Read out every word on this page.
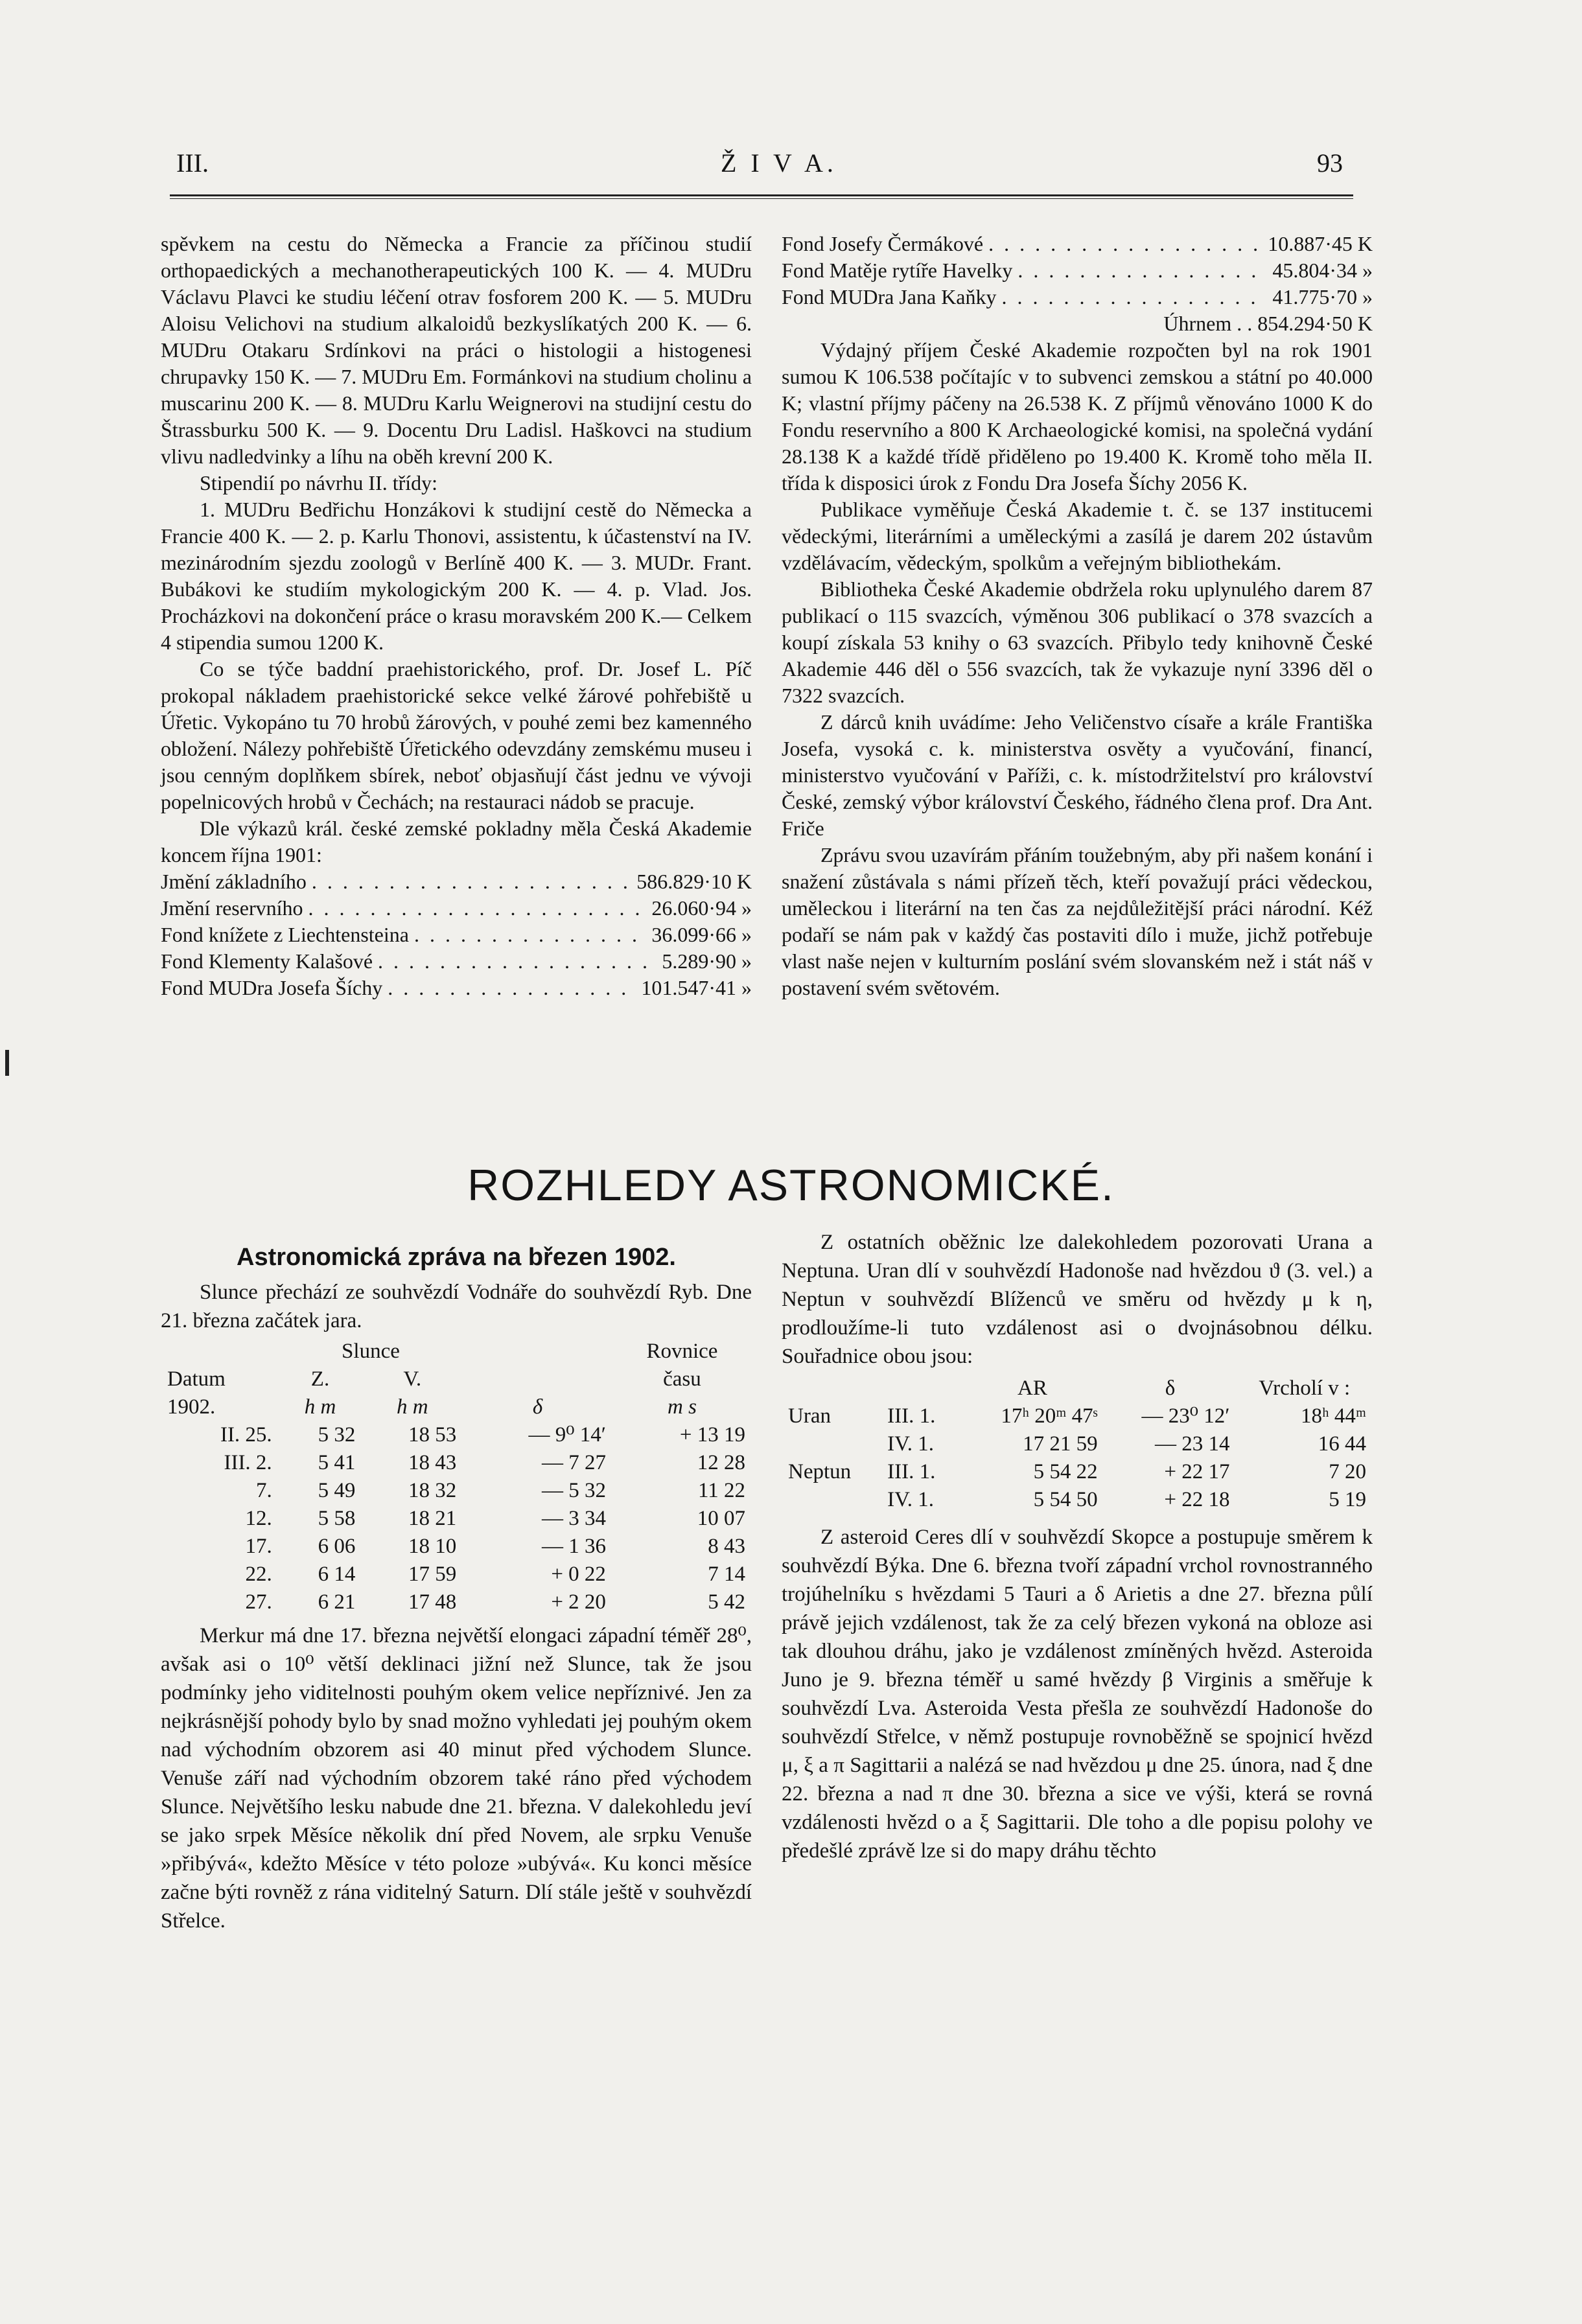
III.	Ž I V A.	93

spěvkem na cestu do Německa a Francie za příčinou studií orthopaedických a mechanotherapeutických 100 K. — 4. MUDru Václavu Plavci ke studiu léčení otrav fosforem 200 K. — 5. MUDru Aloisu Velichovi na studium alkaloidů bezkyslíkatých 200 K. — 6. MUDru Otakaru Srdínkovi na práci o histologii a histogenesi chrupavky 150 K. — 7. MUDru Em. Formánkovi na studium cholinu a muscarinu 200 K. — 8. MUDru Karlu Weignerovi na studijní cestu do Štrassburku 500 K. — 9. Docentu Dru Ladisl. Haškovci na studium vlivu nadledvinky a líhu na oběh krevní 200 K.

Stipendií po návrhu II. třídy:

1. MUDru Bedřichu Honzákovi k studijní cestě do Německa a Francie 400 K. — 2. p. Karlu Thonovi, assistentu, k účastenství na IV. mezinárodním sjezdu zoologů v Berlíně 400 K. — 3. MUDr. Frant. Bubákovi ke studiím mykologickým 200 K. — 4. p. Vlad. Jos. Procházkovi na dokončení práce o krasu moravském 200 K.— Celkem 4 stipendia sumou 1200 K.

Co se týče baddní praehistorického, prof. Dr. Josef L. Píč prokopal nákladem praehistorické sekce velké žárové pohřebiště u Úřetic. Vykopáno tu 70 hrobů žárových, v pouhé zemi bez kamenného obložení. Nálezy pohřebiště Úřetického odevzdány zemskému museu i jsou cenným doplňkem sbírek, neboť objasňují část jednu ve vývoji popelnicových hrobů v Čechách; na restauraci nádob se pracuje.

Dle výkazů král. české zemské pokladny měla Česká Akademie koncem října 1901:

Jmění základního . . .	586.829·10 K
Jmění reservního . . .	26.060·94 »
Fond knížete z Liechtensteina . . .	36.099·66 »
Fond Klementy Kalašové . . .	5.289·90 »
Fond MUDra Josefa Šíchy . . .	101.547·41 »
Fond Josefy Čermákové . . .	10.887·45 K
Fond Matěje rytíře Havelky . . .	45.804·34 »
Fond MUDra Jana Kaňky . . .	41.775·70 »
Úhrnem . . 854.294·50 K

Výdajný příjem České Akademie rozpočten byl na rok 1901 sumou K 106.538 počítajíc v to subvenci zemskou a státní po 40.000 K; vlastní příjmy páčeny na 26.538 K. Z příjmů věnováno 1000 K do Fondu reservního a 800 K Archaeologické komisi, na společná vydání 28.138 K a každé třídě přiděleno po 19.400 K. Kromě toho měla II. třída k disposici úrok z Fondu Dra Josefa Šíchy 2056 K.

Publikace vyměňuje Česká Akademie t. č. se 137 institucemi vědeckými, literárními a uměleckými a zasílá je darem 202 ústavům vzdělávacím, vědeckým, spolkům a veřejným bibliothekám.

Bibliotheka České Akademie obdržela roku uplynulého darem 87 publikací o 115 svazcích, výměnou 306 publikací o 378 svazcích a koupí získala 53 knihy o 63 svazcích. Přibylo tedy knihovně České Akademie 446 děl o 556 svazcích, tak že vykazuje nyní 3396 děl o 7322 svazcích.

Z dárců knih uvádíme: Jeho Veličenstvo císaře a krále Františka Josefa, vysoká c. k. ministerstva osvěty a vyučování, financí, ministerstvo vyučování v Paříži, c. k. místodržitelství pro království České, zemský výbor království Českého, řádného člena prof. Dra Ant. Friče

Zprávu svou uzavírám přáním toužebným, aby při našem konání i snažení zůstávala s námi přízeň těch, kteří považují práci vědeckou, uměleckou i literární na ten čas za nejdůležitější práci národní. Kéž podaří se nám pak v každý čas postaviti dílo i muže, jichž potřebuje vlast naše nejen v kulturním poslání svém slovanském než i stát náš v postavení svém světovém.

ROZHLEDY ASTRONOMICKÉ.
Astronomická zpráva na březen 1902.

Slunce přechází ze souhvězdí Vodnáře do souhvězdí Ryb. Dne 21. března začátek jara.

	Slunce			Rovnice
Datum	Z.	V.		času
1902.	h m	h m	δ	m s
II. 25.	5 32	18 53	— 9⁰ 14′	+ 13 19
III. 2.	5 41	18 43	— 7 27	12 28
7.	5 49	18 32	— 5 32	11 22
12.	5 58	18 21	— 3 34	10 07
17.	6 06	18 10	— 1 36	8 43
22.	6 14	17 59	+ 0 22	7 14
27.	6 21	17 48	+ 2 20	5 42

Merkur má dne 17. března největší elongaci západní téměř 28⁰, avšak asi o 10⁰ větší deklinaci jižní než Slunce, tak že jsou podmínky jeho viditelnosti pouhým okem velice nepříznivé. Jen za nejkrásnější pohody bylo by snad možno vyhledati jej pouhým okem nad východním obzorem asi 40 minut před východem Slunce. Venuše září nad východním obzorem také ráno před východem Slunce. Největšího lesku nabude dne 21. března. V dalekohledu jeví se jako srpek Měsíce několik dní před Novem, ale srpku Venuše »přibývá«, kdežto Měsíce v této poloze »ubývá«. Ku konci měsíce začne býti rovněž z rána viditelný Saturn. Dlí stále ještě v souhvězdí Střelce.

Z ostatních oběžnic lze dalekohledem pozorovati Urana a Neptuna. Uran dlí v souhvězdí Hadonoše nad hvězdou ϑ (3. vel.) a Neptun v souhvězdí Blíženců ve směru od hvězdy μ k η, prodloužíme-li tuto vzdálenost asi o dvojnásobnou délku. Souřadnice obou jsou:

		AR	δ	Vrcholí v :
Uran	III. 1.	17ʰ 20ᵐ 47ˢ	— 23⁰ 12′	18ʰ 44ᵐ
	IV. 1.	17 21 59	— 23 14	16 44
Neptun	III. 1.	5 54 22	+ 22 17	7 20
	IV. 1.	5 54 50	+ 22 18	5 19

Z asteroid Ceres dlí v souhvězdí Skopce a postupuje směrem k souhvězdí Býka. Dne 6. března tvoří západní vrchol rovnostranného trojúhelníku s hvězdami 5 Tauri a δ Arietis a dne 27. března půlí právě jejich vzdálenost, tak že za celý březen vykoná na obloze asi tak dlouhou dráhu, jako je vzdálenost zmíněných hvězd. Asteroida Juno je 9. března téměř u samé hvězdy β Virginis a směřuje k souhvězdí Lva. Asteroida Vesta přešla ze souhvězdí Hadonoše do souhvězdí Střelce, v němž postupuje rovnoběžně se spojnicí hvězd μ, ξ a π Sagittarii a nalézá se nad hvězdou μ dne 25. února, nad ξ dne 22. března a nad π dne 30. března a sice ve výši, která se rovná vzdálenosti hvězd o a ξ Sagittarii. Dle toho a dle popisu polohy ve předešlé zprávě lze si do mapy dráhu těchto
